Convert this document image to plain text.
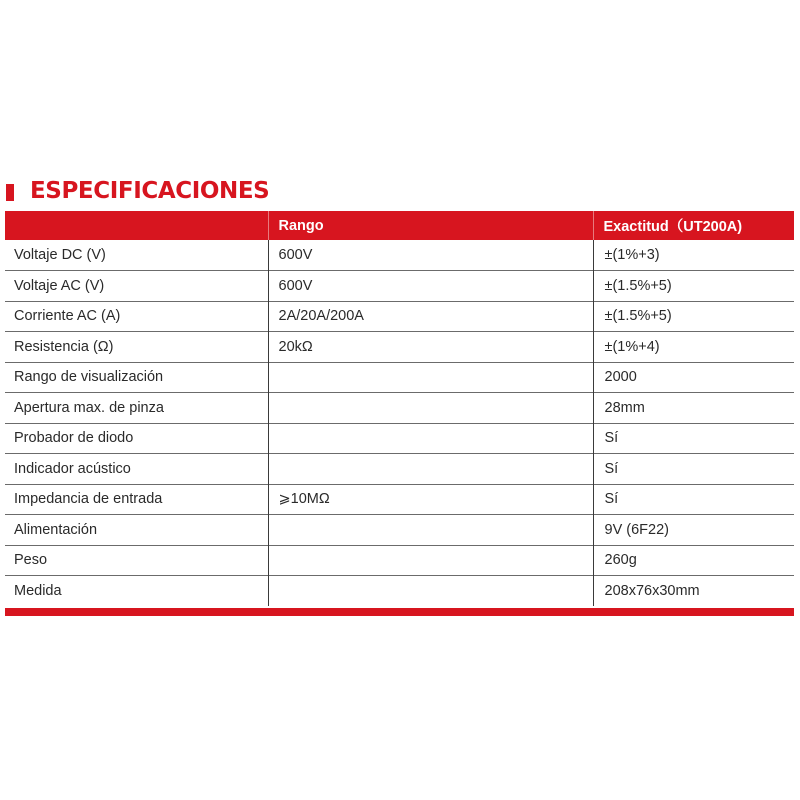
ESPECIFICACIONES
	Rango	Exactitud（UT200A)
Voltaje DC (V)	600V	±(1%+3)
Voltaje AC (V)	600V	±(1.5%+5)
Corriente AC (A)	2A/20A/200A	±(1.5%+5)
Resistencia (Ω)	20kΩ	±(1%+4)
Rango de visualización		2000
Apertura max. de pinza		28mm
Probador de diodo		Sí
Indicador acústico		Sí
Impedancia de entrada	⩾10MΩ	Sí
Alimentación		9V (6F22)
Peso		260g
Medida		208x76x30mm
